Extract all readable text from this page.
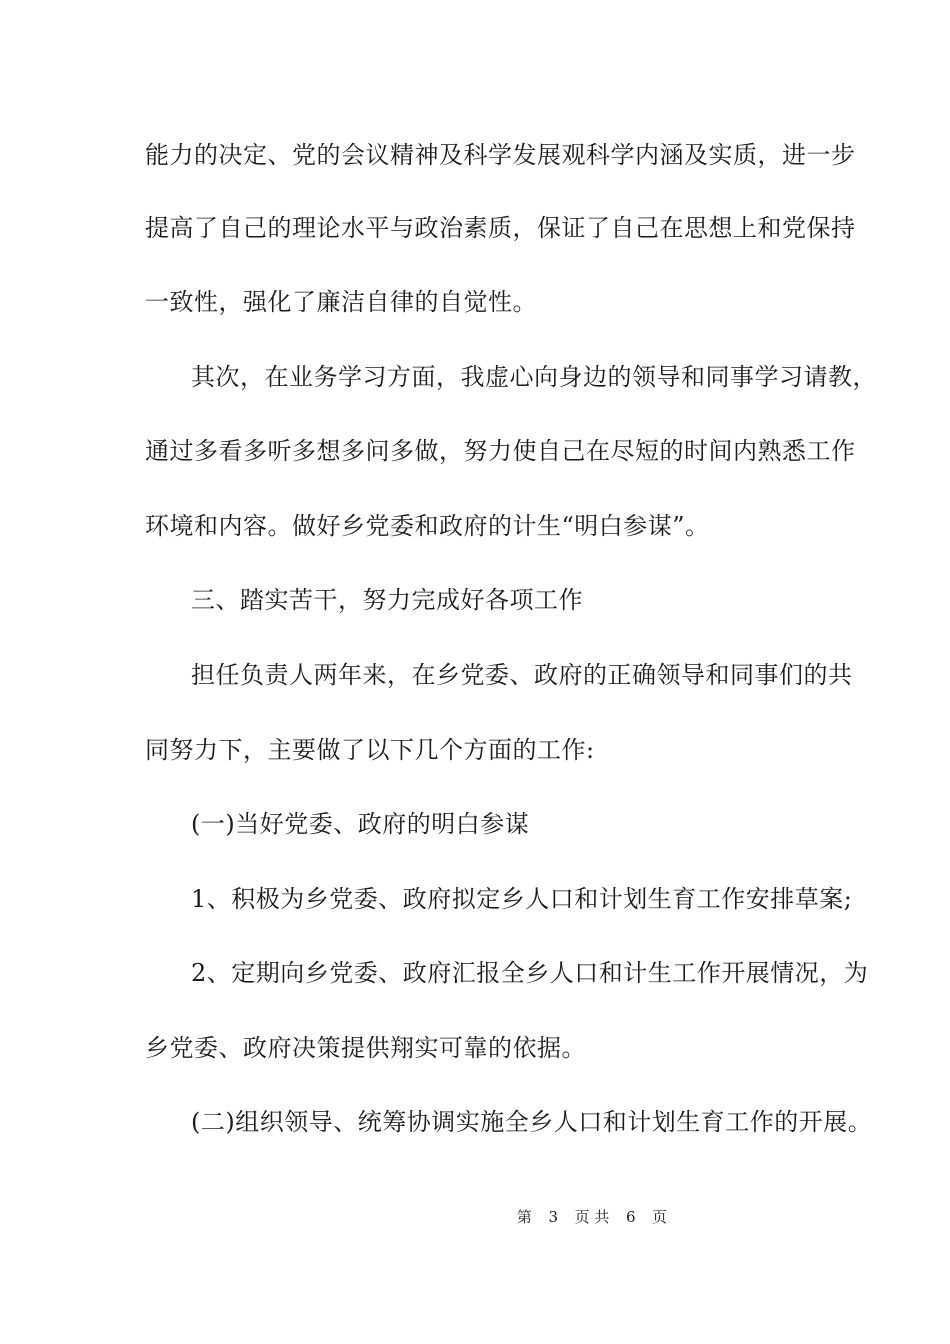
能力的决定、党的会议精神及科学发展观科学内涵及实质，进一步
提高了自己的理论水平与政治素质，保证了自己在思想上和党保持
一致性，强化了廉洁自律的自觉性。
其次，在业务学习方面，我虚心向身边的领导和同事学习请教，
通过多看多听多想多问多做，努力使自己在尽短的时间内熟悉工作
环境和内容。做好乡党委和政府的计生“明白参谋”。
三、踏实苦干，努力完成好各项工作
担任负责人两年来，在乡党委、政府的正确领导和同事们的共
同努力下，主要做了以下几个方面的工作:
(一)当好党委、政府的明白参谋
1、积极为乡党委、政府拟定乡人口和计划生育工作安排草案;
2、定期向乡党委、政府汇报全乡人口和计生工作开展情况，为
乡党委、政府决策提供翔实可靠的依据。
(二)组织领导、统筹协调实施全乡人口和计划生育工作的开展。
第 3 页 共 6 页
